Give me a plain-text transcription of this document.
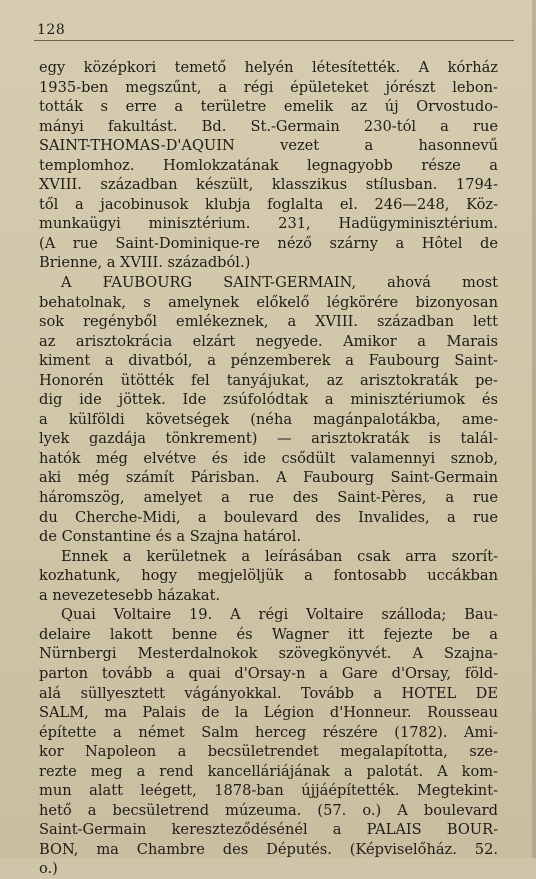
128
egy középkori temető helyén létesítették. A kórház
1935-ben megszűnt, a régi épületeket jórészt lebon-
tották s erre a területre emelik az új Orvostudo-
mányi fakultást. Bd. St.-Germain 230-tól a rue
SAINT-THOMAS-D'AQUIN vezet a hasonnevű
templomhoz. Homlokzatának legnagyobb része a
XVIII. században készült, klasszikus stílusban. 1794-
től a jacobinusok klubja foglalta el. 246—248, Köz-
munkaügyi minisztérium. 231, Hadügyminisztérium.
(A rue Saint-Dominique-re néző szárny a Hôtel de
Brienne, a XVIII. századból.)
A FAUBOURG SAINT-GERMAIN, ahová most
behatolnak, s amelynek előkelő légkörére bizonyosan
sok regényből emlékeznek, a XVIII. században lett
az arisztokrácia elzárt negyede. Amikor a Marais
kiment a divatból, a pénzemberek a Faubourg Saint-
Honorén ütötték fel tanyájukat, az arisztokraták pe-
dig ide jöttek. Ide zsúfolódtak a minisztériumok és
a külföldi követségek (néha magánpalotákba, ame-
lyek gazdája tönkrement) — arisztokraták is talál-
hatók még elvétve és ide csődült valamennyi sznob,
aki még számít Párisban. A Faubourg Saint-Germain
háromszög, amelyet a rue des Saint-Pères, a rue
du Cherche-Midi, a boulevard des Invalides, a rue
de Constantine és a Szajna határol.
Ennek a kerületnek a leírásában csak arra szorít-
kozhatunk, hogy megjelöljük a fontosabb uccákban
a nevezetesebb házakat.
Quai Voltaire 19. A régi Voltaire szálloda; Bau-
delaire lakott benne és Wagner itt fejezte be a
Nürnbergi Mesterdalnokok szövegkönyvét. A Szajna-
parton tovább a quai d'Orsay-n a Gare d'Orsay, föld-
alá süllyesztett vágányokkal. Tovább a HOTEL DE
SALM, ma Palais de la Légion d'Honneur. Rousseau
építette a német Salm herceg részére (1782). Ami-
kor Napoleon a becsületrendet megalapította, sze-
rezte meg a rend kancelláriájának a palotát. A kom-
mun alatt leégett, 1878-ban újjáépítették. Megtekint-
hető a becsületrend múzeuma. (57. o.) A boulevard
Saint-Germain kereszteződésénél a PALAIS BOUR-
BON, ma Chambre des Députés. (Képviselőház. 52.
o.)
